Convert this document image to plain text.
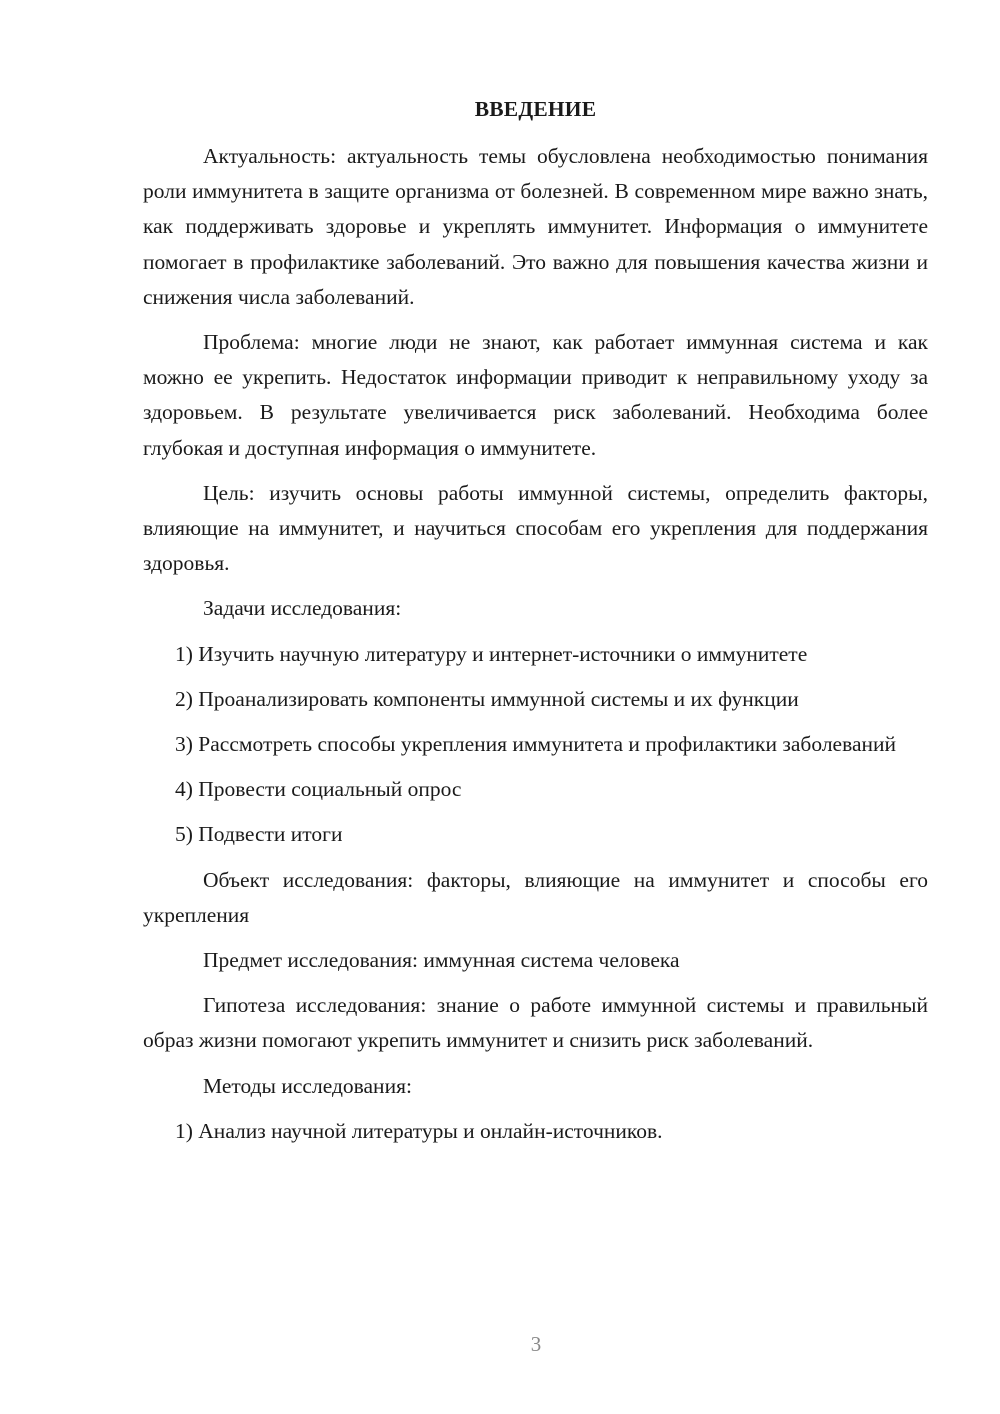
ВВЕДЕНИЕ

Актуальность: актуальность темы обусловлена необходимостью понимания роли иммунитета в защите организма от болезней. В современном мире важно знать, как поддерживать здоровье и укреплять иммунитет. Информация о иммунитете помогает в профилактике заболеваний. Это важно для повышения качества жизни и снижения числа заболеваний.

Проблема: многие люди не знают, как работает иммунная система и как можно ее укрепить. Недостаток информации приводит к неправильному уходу за здоровьем. В результате увеличивается риск заболеваний. Необходима более глубокая и доступная информация о иммунитете.

Цель: изучить основы работы иммунной системы, определить факторы, влияющие на иммунитет, и научиться способам его укрепления для поддержания здоровья.

Задачи исследования:

1) Изучить научную литературу и интернет-источники о иммунитете

2) Проанализировать компоненты иммунной системы и их функции

3) Рассмотреть способы укрепления иммунитета и профилактики заболеваний

4) Провести социальный опрос

5) Подвести итоги

Объект исследования: факторы, влияющие на иммунитет и способы его укрепления

Предмет исследования: иммунная система человека

Гипотеза исследования: знание о работе иммунной системы и правильный образ жизни помогают укрепить иммунитет и снизить риск заболеваний.

Методы исследования:

1) Анализ научной литературы и онлайн-источников.

3
